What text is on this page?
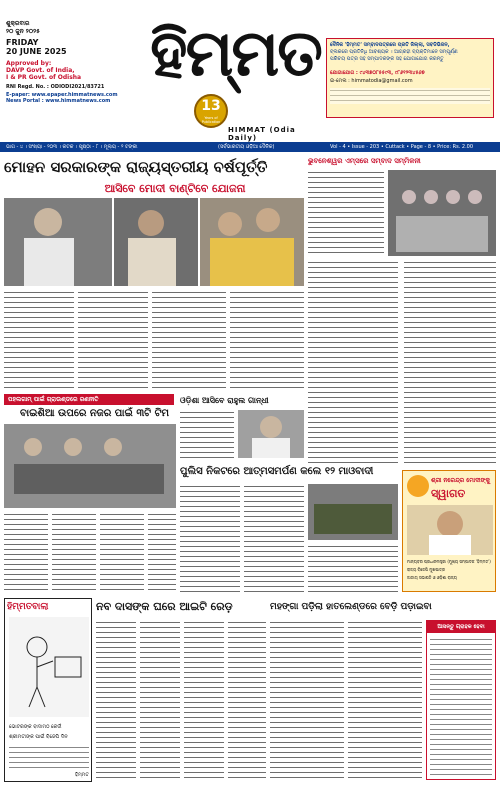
ଶୁକ୍ରବାର
୨୦ ଜୁନ ୨୦୨୫
FRIDAY
20 JUNE 2025
Approved by:
DAVP Govt. of India,
I & PR Govt. of Odisha
RNI Regd. No. : ODIODI2021/83721
E-paper: www.epaper.himmatnews.com
News Portal : www.himmatnews.com
ହିମ୍ମତ
13
Years of Publication
HIMMAT (Odia Daily)
ଦୈନିକ 'ହିମ୍ମତ' ସମ୍ବାଦପତ୍ରରେ ପ୍ରତି ଜିଲ୍ଲା, ସବଡିଭିଜନ,
ବ୍ଲକରେ ପ୍ରତିନିଧି ଆବଶ୍ୟକ । ଆଗ୍ରହୀ ବ୍ୟକ୍ତିମାନେ ସମ୍ପୂର୍ଣ୍ଣ
ପରିଚୟ ପତ୍ର ସହ ସମ୍ପାଦକଙ୍କ ସହ ଯୋଗାଯୋଗ କରନ୍ତୁ
ଯୋଗାଯୋଗ : ୯୪୩୭୦୮୫୫୯୩, ୯୮୬୧୨୩୪୫୬୭
ଇ-ମେଲ : himmatodia@gmail.com
ଭାଗ - ୪ । ସଂଖ୍ୟା - ୨୦୩ । କଟକ । ପୃଷ୍ଠା - ୮ । ମୂଲ୍ୟ - ୨ ଟଙ୍କା	(ସର୍ବଭାରତୀୟ ଓଡ଼ିଆ ଦୈନିକ)	Vol - 4 • Issue - 203 • Cuttack • Page - 8 • Price: Rs. 2.00
ମୋହନ ସରକାରଙ୍କ ରାଜ୍ୟସ୍ତରୀୟ ବର୍ଷପୂର୍ତ୍ତି
ଆସିବେ ମୋଦୀ ବାଣ୍ଟିବେ ଯୋଜନା
ଭୁବନେଶ୍ୱର ଏମ୍ସରେ ସମ୍ବାଦ ସମ୍ମିଳନୀ
ପହଲଗାମ୍ ପାଇଁ ଗ୍ରାଉଣ୍ଡରେ ରଣନୀତି
ବାଇଶିଆ ଉପରେ ନଜର ପାଇଁ ୩ଟି ଟିମ
ଓଡ଼ିଶା ଆସିବେ ରାହୁଲ ଗାନ୍ଧୀ
ପୁଲିସ ନିକଟରେ ଆତ୍ମସମର୍ପଣ କଲେ ୧୨ ମାଓବାଦୀ
ଶ୍ରୀ ନରେନ୍ଦ୍ର ମୋଦୀଙ୍କୁ
ସ୍ୱାଗତ
ମାନ୍ୟବର ପ୍ରଧାନମନ୍ତ୍ରୀ (ମୁଖ୍ୟ ସମ୍ପାଦକ 'ହିମ୍ମତ')
ରାଜ୍ୟ ବିଜେପି ମୁଖପାତ୍ର
ଜାତୀୟ ସଭାପତି ଓ ଓଡ଼ିଶା ରାଜ୍ୟ
ହିମ୍ମତବାଲା
ଭୋଟରଙ୍କ ବାଦାମଠ କେଉଁ
ଶ୍ରୀମତୀଙ୍କ ପାଇଁ ବିଜେପି ଦିନ
ହିମ୍ମତ
ନବ ଦାସଙ୍କ ଘରେ ଆଇଟି ରେଡ଼	ମହଙ୍ଗା ପଡ଼ିଲା ହାତଲେଣ୍ଡରେ ବେଡ଼ି ପଡ଼ାଇବା
ଆସନ୍ତୁ ଗ୍ରାହକ ହେବା
